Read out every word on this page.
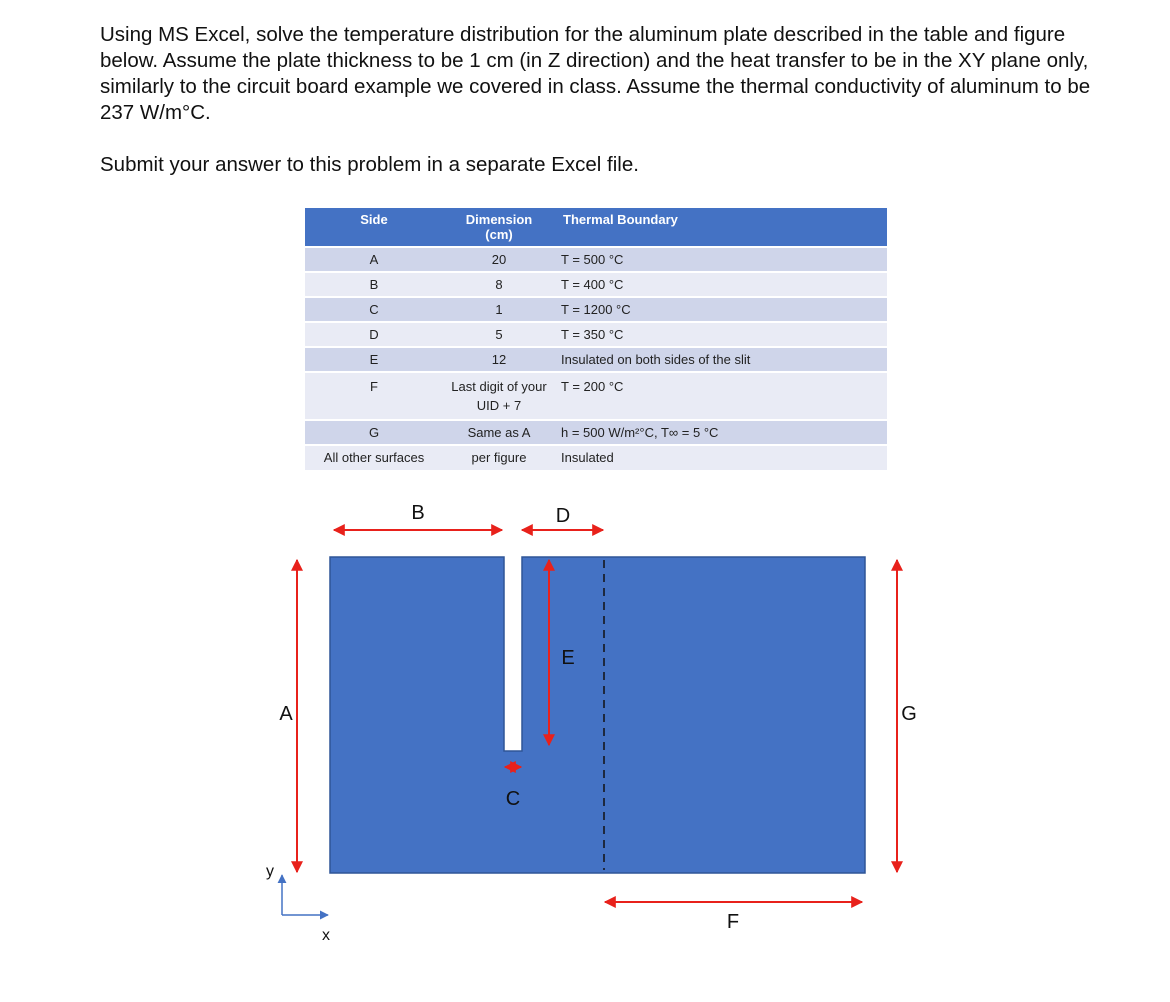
Using MS Excel, solve the temperature distribution for the aluminum plate described in the table and figure below. Assume the plate thickness to be 1 cm (in Z direction) and the heat transfer to be in the XY plane only, similarly to the circuit board example we covered in class. Assume the thermal conductivity of aluminum to be 237 W/m°C.

Submit your answer to this problem in a separate Excel file.

Side	Dimension (cm)	Thermal Boundary
A	20	T = 500 °C
B	8	T = 400 °C
C	1	T = 1200 °C
D	5	T = 350 °C
E	12	Insulated on both sides of the slit
F	Last digit of your UID + 7	T = 200 °C
G	Same as A	h = 500 W/m²°C, T∞ = 5 °C
All other surfaces	per figure	Insulated
B	D
A	G
E
C
F
y
x
